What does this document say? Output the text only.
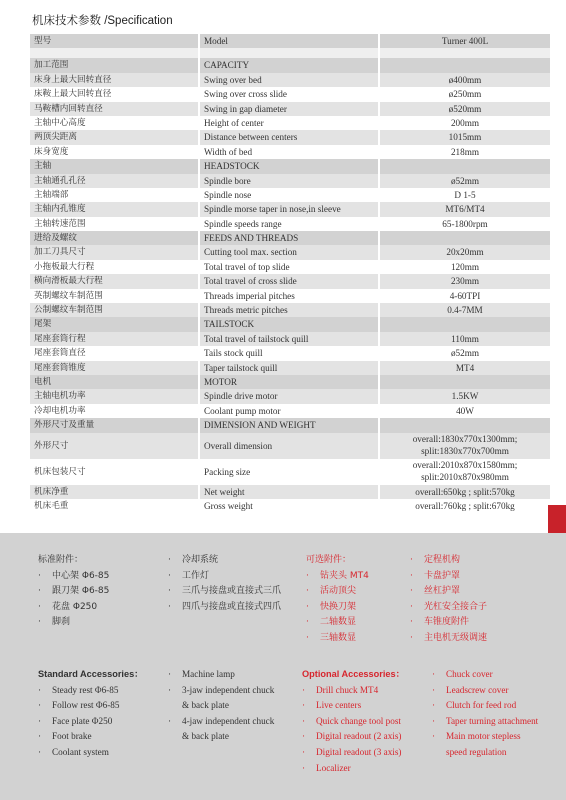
机床技术参数 /Specification
型号	Model	Turner 400L
加工范围	CAPACITY
床身上最大回转直径	Swing over bed	ø400mm
床鞍上最大回转直径	Swing over cross slide	ø250mm
马鞍槽内回转直径	Swing in gap diameter	ø520mm
主轴中心高度	Height of center	200mm
两顶尖距离	Distance between centers	1015mm
床身宽度	Width of bed	218mm
主轴	HEADSTOCK
主轴通孔孔径	Spindle bore	ø52mm
主轴端部	Spindle nose	D 1-5
主轴内孔锥度	Spindle morse taper in nose,in sleeve	MT6/MT4
主轴转速范围	Spindle speeds range	65-1800rpm
进给及螺纹	FEEDS AND THREADS
加工刀具尺寸	Cutting tool max. section	20x20mm
小拖板最大行程	Total travel of top slide	120mm
横向滑板最大行程	Total travel of cross slide	230mm
英制螺纹车制范围	Threads imperial pitches	4-60TPI
公制螺纹车制范围	Threads metric pitches	0.4-7MM
尾架	TAILSTOCK
尾座套筒行程	Total travel of tailstock quill	110mm
尾座套筒直径	Tails stock quill	ø52mm
尾座套筒锥度	Taper tailstock quill	MT4
电机	MOTOR
主轴电机功率	Spindle drive motor	1.5KW
冷却电机功率	Coolant pump motor	40W
外形尺寸及重量	DIMENSION AND WEIGHT
外形尺寸	Overall dimension
overall:1830x770x1300mm;
split:1830x770x700mm
机床包装尺寸	Packing size
overall:2010x870x1580mm;
split:2010x870x980mm
机床净重	Net weight	overall:650kg ; split:570kg
机床毛重	Gross weight	overall:760kg ; split:670kg
标准附件：
· 中心架 Φ6-85
· 跟刀架 Φ6-85
· 花盘 Φ250
· 脚刹
· 冷却系统
· 工作灯
· 三爪与接盘或直接式三爪
· 四爪与接盘或直接式四爪
可选附件：
· 钻夹头 MT4
· 活动顶尖
· 快换刀架
· 二轴数显
· 三轴数显
· 定程机构
· 卡盘护罩
· 丝杠护罩
· 光杠安全接合子
· 车锥度附件
· 主电机无级调速
Standard Accessories：
· Steady rest Φ6-85
· Follow rest Φ6-85
· Face plate Φ250
· Foot brake
· Coolant system
· Machine lamp
· 3-jaw independent chuck
& back plate
· 4-jaw independent chuck
& back plate
Optional Accessories：
· Drill chuck MT4
· Live centers
· Quick change tool post
· Digital readout (2 axis)
· Digital readout (3 axis)
· Localizer
· Chuck cover
· Leadscrew cover
· Clutch for feed rod
· Taper turning attachment
· Main motor stepless
speed regulation
